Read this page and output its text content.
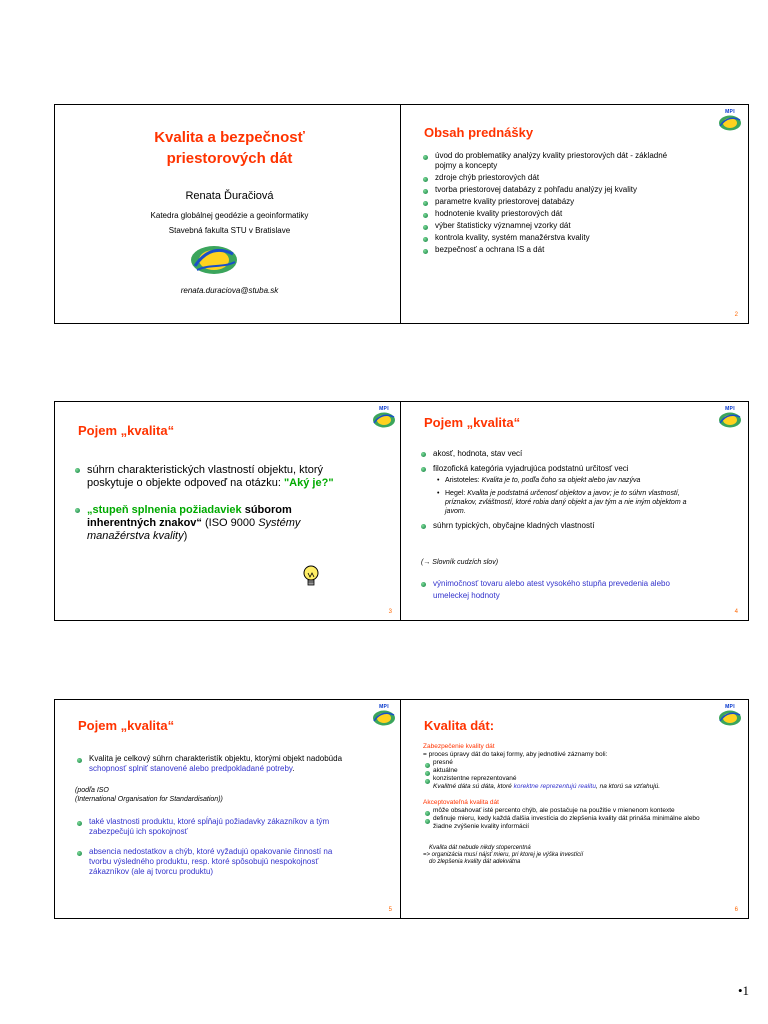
Kvalita a bezpečnosť
priestorových dát
Renata Ďuračiová
Katedra globálnej geodézie a geoinformatiky
Stavebná fakulta STU v Bratislave
renata.duraciova@stuba.sk
MPI
Obsah prednášky
úvod do problematiky analýzy kvality priestorových dát - základné pojmy a koncepty
zdroje chýb priestorových dát
tvorba priestorovej databázy z pohľadu analýzy jej kvality
parametre kvality priestorovej databázy
hodnotenie kvality priestorových dát
výber štatisticky významnej vzorky dát
kontrola kvality, systém manažérstva kvality
bezpečnosť a ochrana IS a dát
2
MPI
Pojem „kvalita“
súhrn charakteristických vlastností objektu, ktorý poskytuje o objekte odpoveď na otázku: "Aký je?"
„stupeň splnenia požiadaviek súborom inherentných znakov“ (ISO 9000 Systémy manažérstva kvality)
3
MPI
Pojem „kvalita“
akosť, hodnota, stav vecí
filozofická kategória vyjadrujúca podstatnú určitosť veci
• Aristoteles: Kvalita je to, podľa čoho sa objekt alebo jav nazýva
• Hegel: Kvalita je podstatná určenosť objektov a javov; je to súhrn vlastností, príznakov, zvláštností, ktoré robia daný objekt a jav tým a nie iným objektom a javom.
súhrn typických, obyčajne kladných vlastností
(→ Slovník cudzích slov)
výnimočnosť tovaru alebo atest vysokého stupňa prevedenia alebo umeleckej hodnoty
4
MPI
Pojem „kvalita“
Kvalita je celkový súhrn charakteristík objektu, ktorými objekt nadobúda schopnosť splniť stanovené alebo predpokladané potreby.
(podľa ISO
(International Organisation for Standardisation))
také vlastnosti produktu, ktoré spĺňajú požiadavky zákazníkov a tým zabezpečujú ich spokojnosť
absencia nedostatkov a chýb, ktoré vyžadujú opakovanie činností na tvorbu výsledného produktu, resp. ktoré spôsobujú nespokojnosť zákazníkov (ale aj tvorcu produktu)
5
MPI
Kvalita dát:
Zabezpečenie kvality dát
= proces úpravy dát do takej formy, aby jednotlivé záznamy boli:
presné
aktuálne
konzistentne reprezentované
Kvalitné dáta sú dáta, ktoré korektne reprezentujú realitu, na ktorú sa vzťahujú.
Akceptovateľná kvalita dát
môže obsahovať isté percento chýb, ale postačuje na použitie v mienenom kontexte
definuje mieru, kedy každá ďalšia investícia do zlepšenia kvality dát prináša minimálne alebo žiadne zvýšenie kvality informácií
Kvalita dát nebude nikdy stopercentná
=> organizácia musí nájsť mieru, pri ktorej je výška investícií
do zlepšenia kvality dát adekvátna
6
•1
